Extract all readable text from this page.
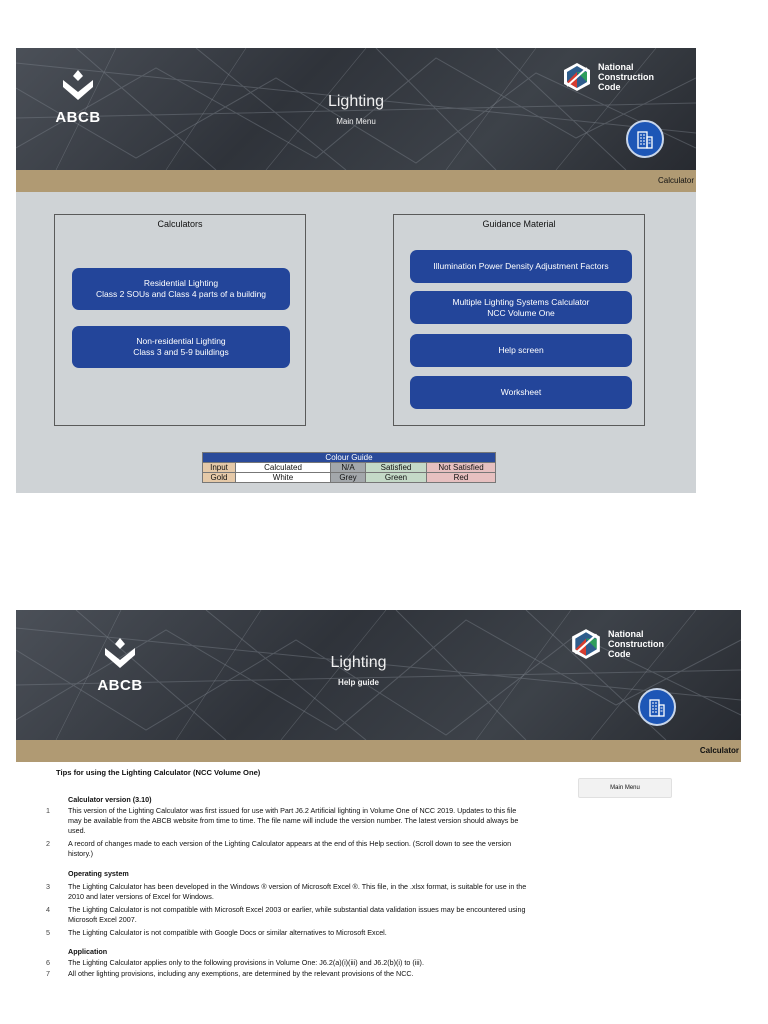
ABCB
Lighting
Main Menu
National
Construction
Code
Calculator
Calculators
Residential Lighting
Class 2 SOUs and Class 4 parts of a building
Non-residential Lighting
Class 3 and 5-9 buildings
Guidance Material
Illumination Power Density Adjustment Factors
Multiple Lighting Systems Calculator
NCC Volume One
Help screen
Worksheet
Colour Guide				
Input	Calculated	N/A	Satisfied	Not Satisfied
Gold	White	Grey	Green	Red
ABCB
Lighting
Help guide
National
Construction
Code
Calculator
Main Menu
Tips for using the Lighting Calculator (NCC Volume One)
Calculator version (3.10)
1	This version of the Lighting Calculator was first issued for use with Part J6.2 Artificial lighting in Volume One of NCC 2019. Updates to this file
may be available from the ABCB website from time to time. The file name will include the version number. The latest version should always be
used.
2	A record of changes made to each version of the Lighting Calculator appears at the end of this Help section. (Scroll down to see the version
history.)
Operating system
3	The Lighting Calculator has been developed in the Windows ® version of Microsoft Excel ®. This file, in the .xlsx format, is suitable for use in the
2010 and later versions of Excel for Windows.
4	The Lighting Calculator is not compatible with Microsoft Excel 2003 or earlier, while substantial data validation issues may be encountered using
Microsoft Excel 2007.
5	The Lighting Calculator is not compatible with Google Docs or similar alternatives to Microsoft Excel.
Application
6	The Lighting Calculator applies only to the following provisions in Volume One: J6.2(a)(i)(iii) and J6.2(b)(i) to (iii).
7	All other lighting provisions, including any exemptions, are determined by the relevant provisions of the NCC.
